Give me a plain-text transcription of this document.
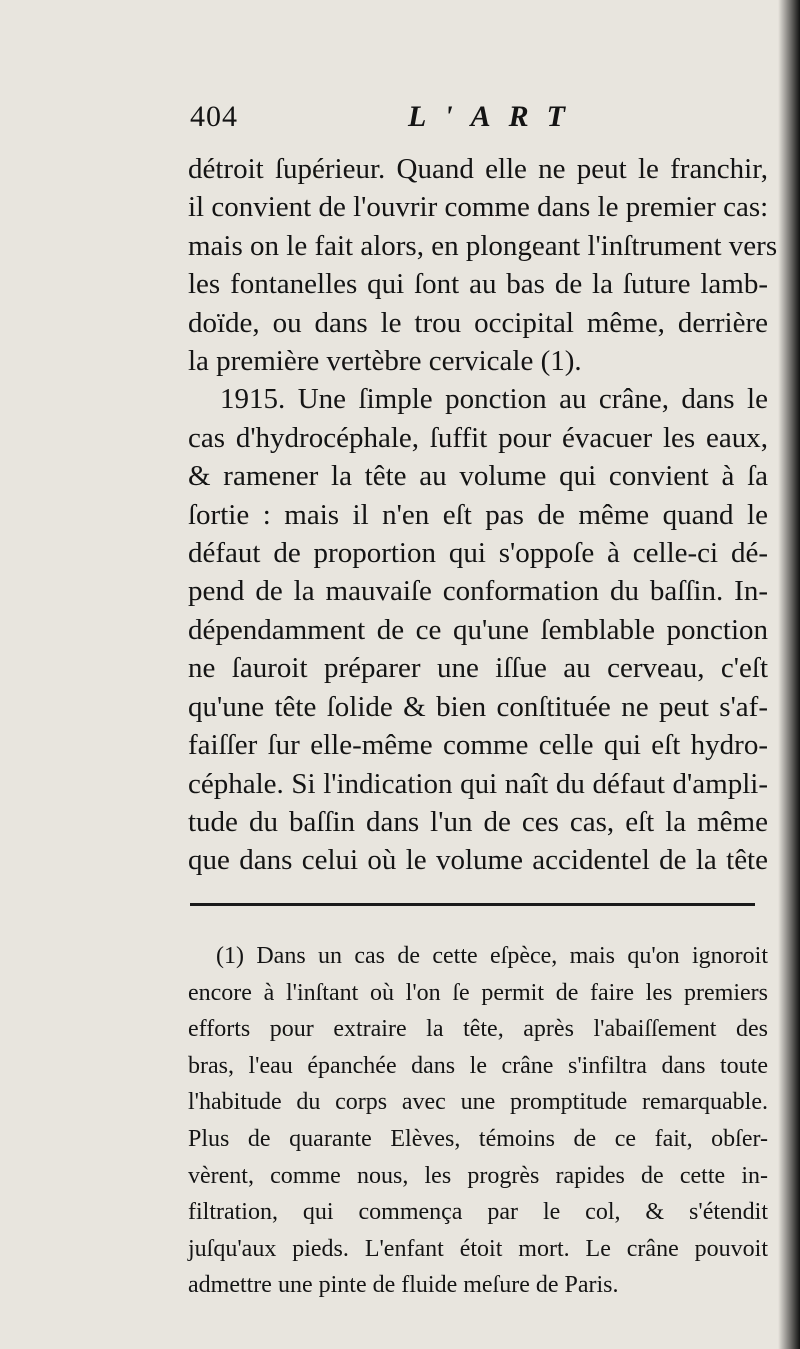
404	L'ART
détroit ſupérieur. Quand elle ne peut le franchir,
il convient de l'ouvrir comme dans le premier cas:
mais on le fait alors, en plongeant l'inſtrument vers
les fontanelles qui ſont au bas de la ſuture lamb-
doïde, ou dans le trou occipital même, derrière
la première vertèbre cervicale (1).
1915. Une ſimple ponction au crâne, dans le
cas d'hydrocéphale, ſuffit pour évacuer les eaux,
& ramener la tête au volume qui convient à ſa
ſortie : mais il n'en eſt pas de même quand le
défaut de proportion qui s'oppoſe à celle-ci dé-
pend de la mauvaiſe conformation du baſſin. In-
dépendamment de ce qu'une ſemblable ponction
ne ſauroit préparer une iſſue au cerveau, c'eſt
qu'une tête ſolide & bien conſtituée ne peut s'af-
faiſſer ſur elle-même comme celle qui eſt hydro-
céphale. Si l'indication qui naît du défaut d'ampli-
tude du baſſin dans l'un de ces cas, eſt la même
que dans celui où le volume accidentel de la tête
(1) Dans un cas de cette eſpèce, mais qu'on ignoroit
encore à l'inſtant où l'on ſe permit de faire les premiers
efforts pour extraire la tête, après l'abaiſſement des
bras, l'eau épanchée dans le crâne s'infiltra dans toute
l'habitude du corps avec une promptitude remarquable.
Plus de quarante Elèves, témoins de ce fait, obſer-
vèrent, comme nous, les progrès rapides de cette in-
filtration, qui commença par le col, & s'étendit
juſqu'aux pieds. L'enfant étoit mort. Le crâne pouvoit
admettre une pinte de fluide meſure de Paris.
